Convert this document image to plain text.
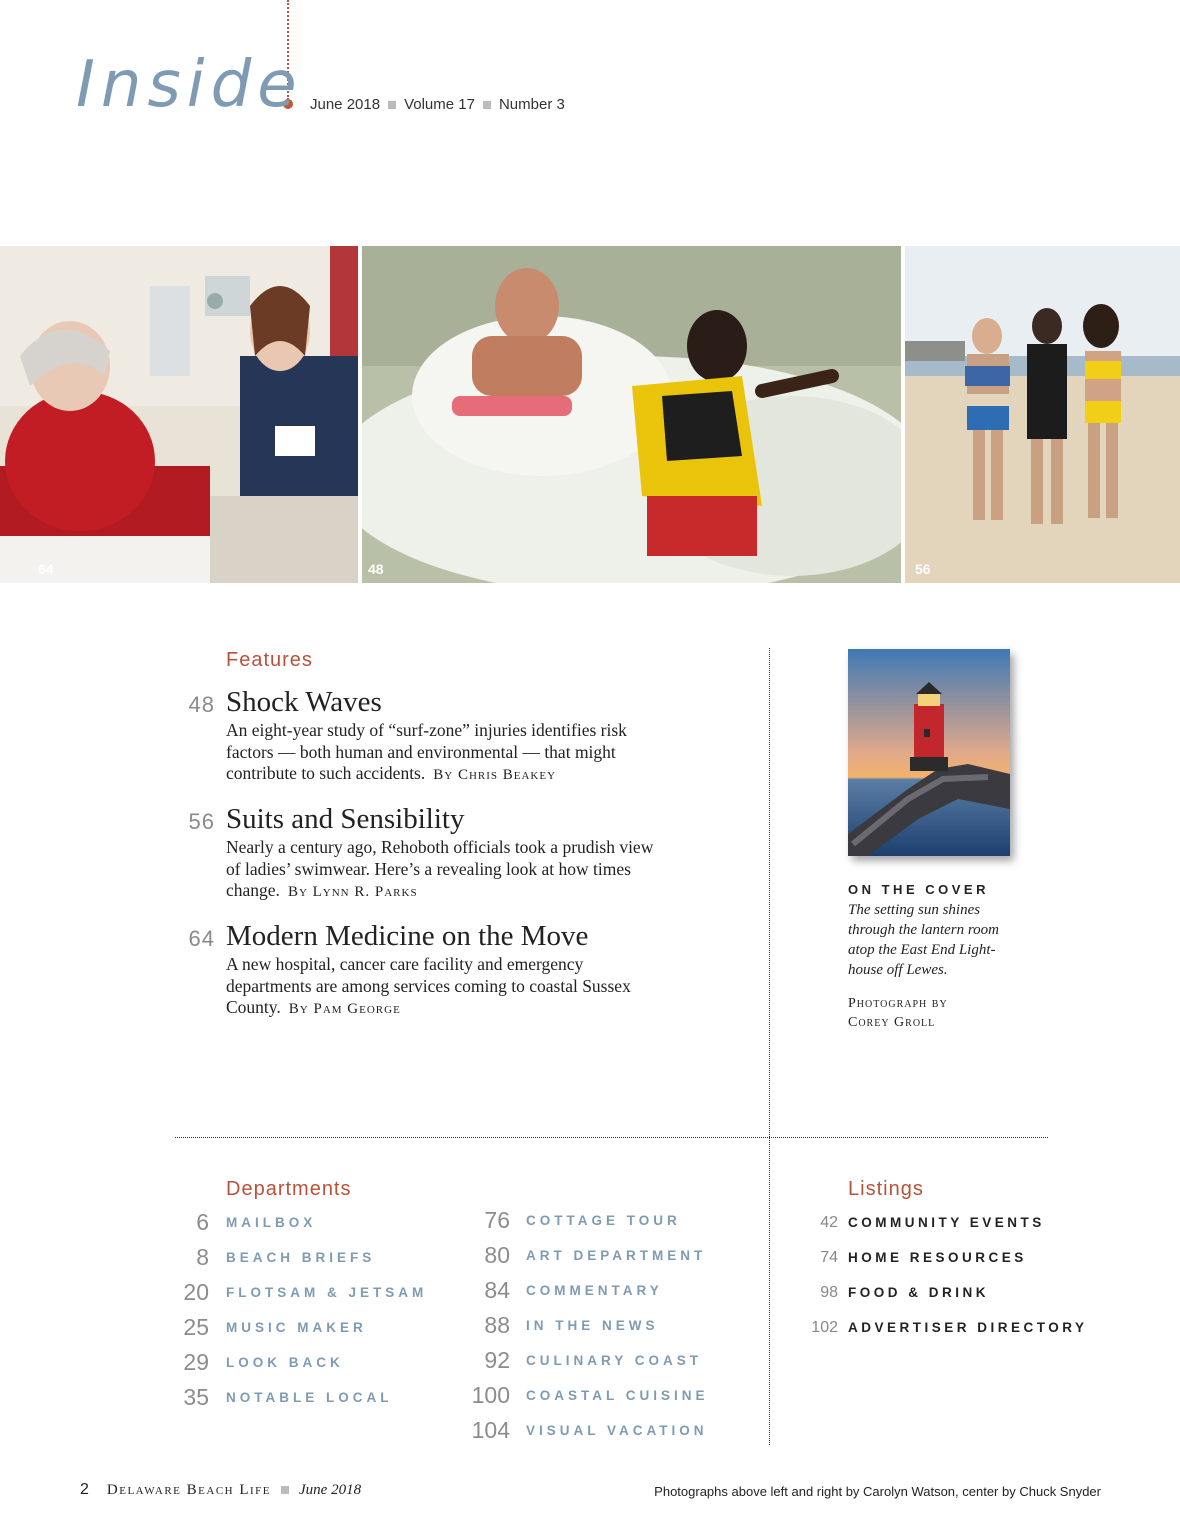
Inside June 2018 Volume 17 Number 3
64	48	56
Features
48 Shock Waves
An eight-year study of “surf-zone” injuries identifies risk factors — both human and environmental — that might contribute to such accidents. By Chris Beakey
56 Suits and Sensibility
Nearly a century ago, Rehoboth officials took a prudish view of ladies’ swimwear. Here’s a revealing look at how times change. By Lynn R. Parks
64 Modern Medicine on the Move
A new hospital, cancer care facility and emergency departments are among services coming to coastal Sussex County. By Pam George
ON THE COVER
The setting sun shines through the lantern room atop the East End Light-house off Lewes.
Photograph by
Corey Groll
Departments
6 MAILBOX
8 BEACH BRIEFS
20 FLOTSAM & JETSAM
25 MUSIC MAKER
29 LOOK BACK
35 NOTABLE LOCAL
76 COTTAGE TOUR
80 ART DEPARTMENT
84 COMMENTARY
88 IN THE NEWS
92 CULINARY COAST
100 COASTAL CUISINE
104 VISUAL VACATION
Listings
42 COMMUNITY EVENTS
74 HOME RESOURCES
98 FOOD & DRINK
102 ADVERTISER DIRECTORY
2 Delaware Beach Life June 2018	Photographs above left and right by Carolyn Watson, center by Chuck Snyder
